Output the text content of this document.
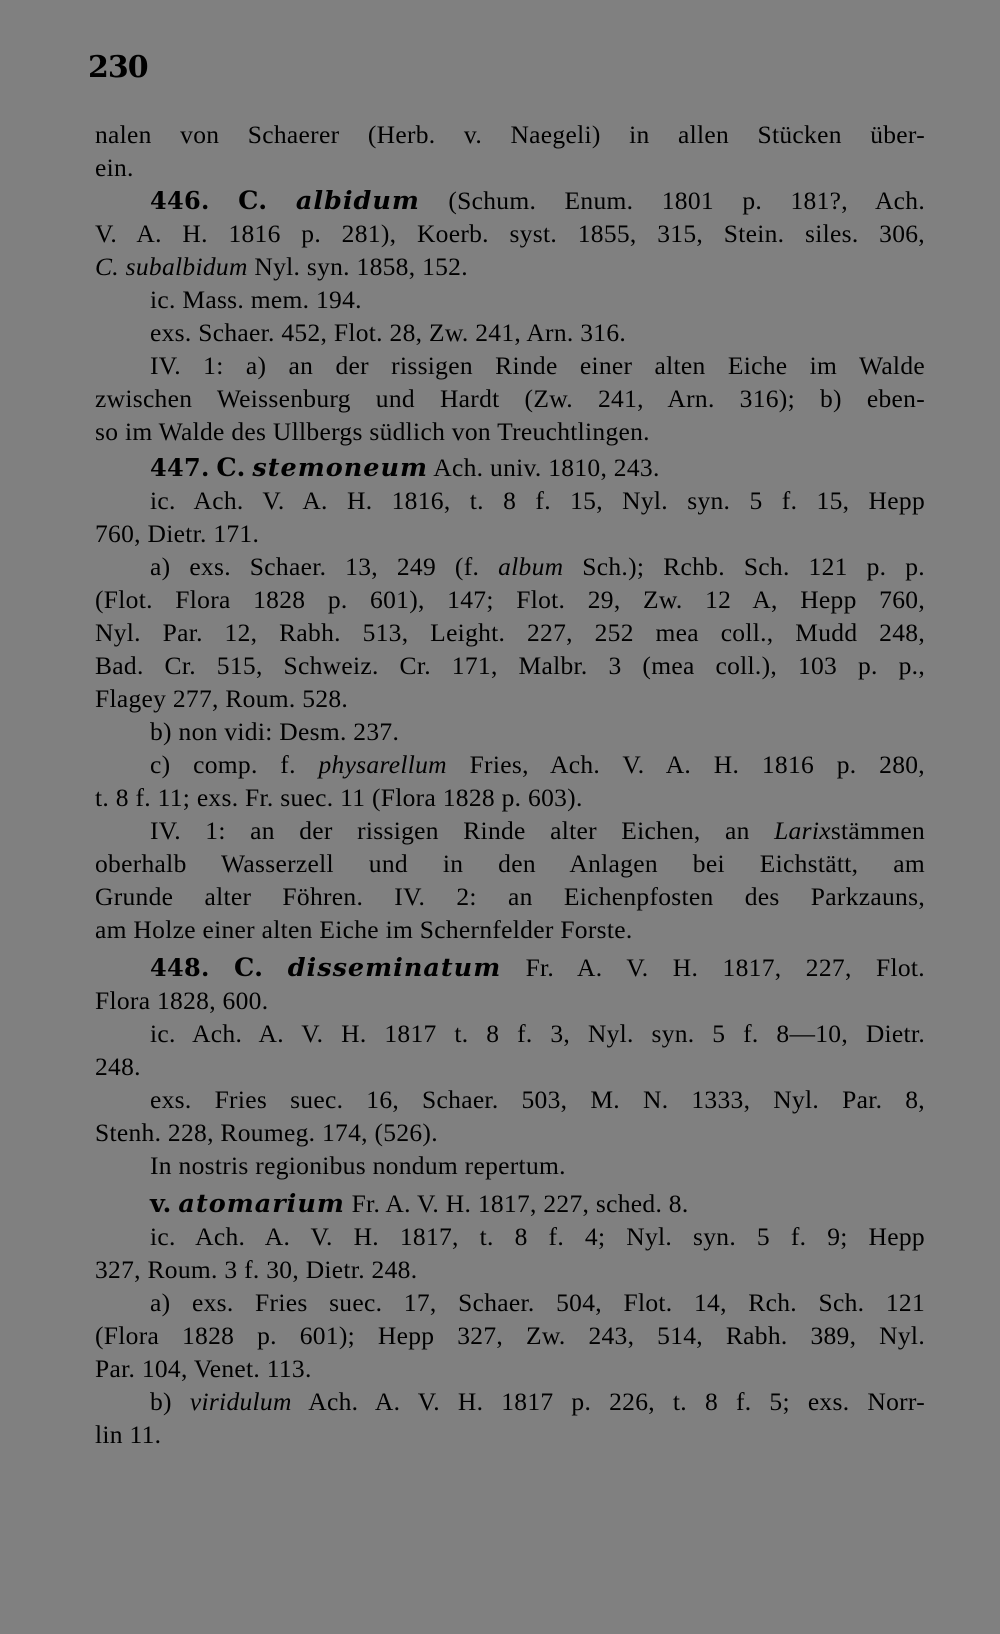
230
nalen von Schaerer (Herb. v. Naegeli) in allen Stücken über-
ein.
446. C. albidum (Schum. Enum. 1801 p. 181?, Ach.
V. A. H. 1816 p. 281), Koerb. syst. 1855, 315, Stein. siles. 306,
C. subalbidum Nyl. syn. 1858, 152.
ic. Mass. mem. 194.
exs. Schaer. 452, Flot. 28, Zw. 241, Arn. 316.
IV. 1: a) an der rissigen Rinde einer alten Eiche im Walde
zwischen Weissenburg und Hardt (Zw. 241, Arn. 316); b) eben-
so im Walde des Ullbergs südlich von Treuchtlingen.
447. C. stemoneum Ach. univ. 1810, 243.
ic. Ach. V. A. H. 1816, t. 8 f. 15, Nyl. syn. 5 f. 15, Hepp
760, Dietr. 171.
a) exs. Schaer. 13, 249 (f. album Sch.); Rchb. Sch. 121 p. p.
(Flot. Flora 1828 p. 601), 147; Flot. 29, Zw. 12 A, Hepp 760,
Nyl. Par. 12, Rabh. 513, Leight. 227, 252 mea coll., Mudd 248,
Bad. Cr. 515, Schweiz. Cr. 171, Malbr. 3 (mea coll.), 103 p. p.,
Flagey 277, Roum. 528.
b) non vidi: Desm. 237.
c) comp. f. physarellum Fries, Ach. V. A. H. 1816 p. 280,
t. 8 f. 11; exs. Fr. suec. 11 (Flora 1828 p. 603).
IV. 1: an der rissigen Rinde alter Eichen, an Larixstämmen
oberhalb Wasserzell und in den Anlagen bei Eichstätt, am
Grunde alter Föhren. IV. 2: an Eichenpfosten des Parkzauns,
am Holze einer alten Eiche im Schernfelder Forste.
448. C. disseminatum Fr. A. V. H. 1817, 227, Flot.
Flora 1828, 600.
ic. Ach. A. V. H. 1817 t. 8 f. 3, Nyl. syn. 5 f. 8—10, Dietr.
248.
exs. Fries suec. 16, Schaer. 503, M. N. 1333, Nyl. Par. 8,
Stenh. 228, Roumeg. 174, (526).
In nostris regionibus nondum repertum.
v. atomarium Fr. A. V. H. 1817, 227, sched. 8.
ic. Ach. A. V. H. 1817, t. 8 f. 4; Nyl. syn. 5 f. 9; Hepp
327, Roum. 3 f. 30, Dietr. 248.
a) exs. Fries suec. 17, Schaer. 504, Flot. 14, Rch. Sch. 121
(Flora 1828 p. 601); Hepp 327, Zw. 243, 514, Rabh. 389, Nyl.
Par. 104, Venet. 113.
b) viridulum Ach. A. V. H. 1817 p. 226, t. 8 f. 5; exs. Norr-
lin 11.
